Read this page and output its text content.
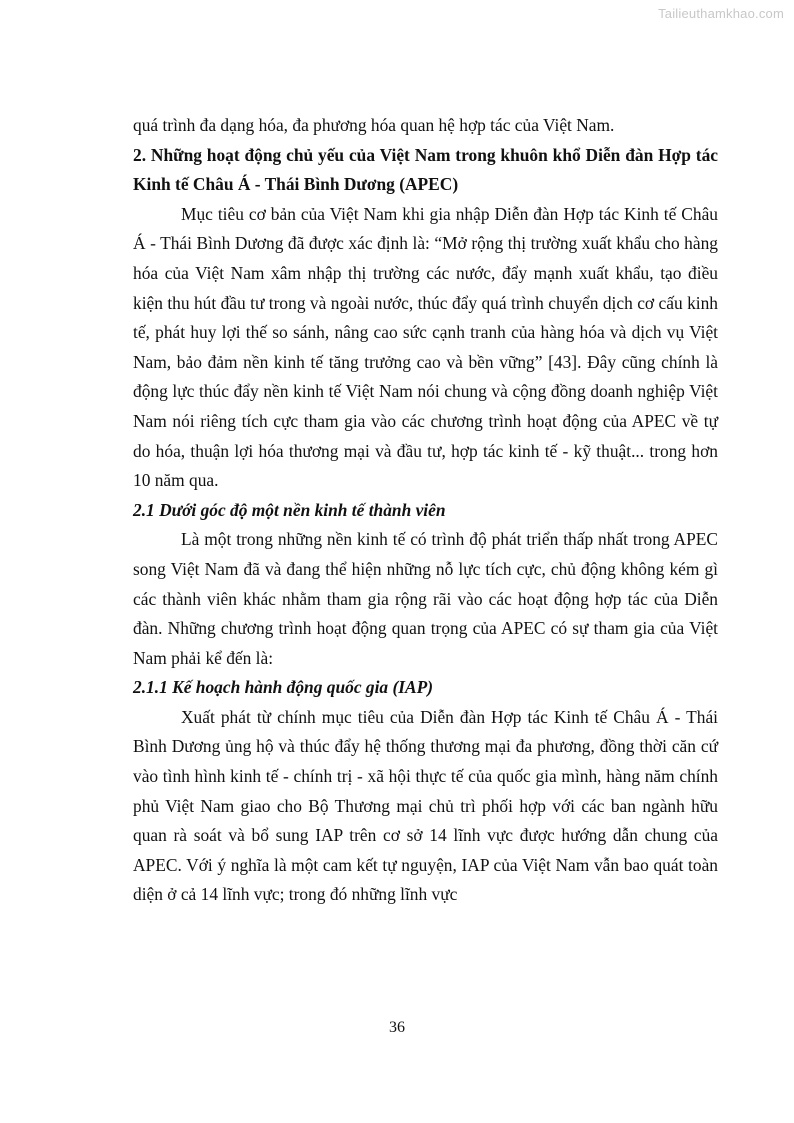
Tailieuthamkhao.com

quá trình đa dạng hóa, đa phương hóa quan hệ hợp tác của Việt Nam.

2. Những hoạt động chủ yếu của Việt Nam trong khuôn khổ Diễn đàn Hợp tác Kinh tế Châu Á - Thái Bình Dương (APEC)

Mục tiêu cơ bản của Việt Nam khi gia nhập Diễn đàn Hợp tác Kinh tế Châu Á - Thái Bình Dương đã được xác định là: “Mở rộng thị trường xuất khẩu cho hàng hóa của Việt Nam xâm nhập thị trường các nước, đẩy mạnh xuất khẩu, tạo điều kiện thu hút đầu tư trong và ngoài nước, thúc đẩy quá trình chuyển dịch cơ cấu kinh tế, phát huy lợi thế so sánh, nâng cao sức cạnh tranh của hàng hóa và dịch vụ Việt Nam, bảo đảm nền kinh tế tăng trưởng cao và bền vững” [43]. Đây cũng chính là động lực thúc đẩy nền kinh tế Việt Nam nói chung và cộng đồng doanh nghiệp Việt Nam nói riêng tích cực tham gia vào các chương trình hoạt động của APEC về tự do hóa, thuận lợi hóa thương mại và đầu tư, hợp tác kinh tế - kỹ thuật... trong hơn 10 năm qua.

2.1 Dưới góc độ một nền kinh tế thành viên

Là một trong những nền kinh tế có trình độ phát triển thấp nhất trong APEC song Việt Nam đã và đang thể hiện những nỗ lực tích cực, chủ động không kém gì các thành viên khác nhằm tham gia rộng rãi vào các hoạt động hợp tác của Diễn đàn. Những chương trình hoạt động quan trọng của APEC có sự tham gia của Việt Nam phải kể đến là:

2.1.1 Kế hoạch hành động quốc gia (IAP)

Xuất phát từ chính mục tiêu của Diễn đàn Hợp tác Kinh tế Châu Á - Thái Bình Dương ủng hộ và thúc đẩy hệ thống thương mại đa phương, đồng thời căn cứ vào tình hình kinh tế - chính trị - xã hội thực tế của quốc gia mình, hàng năm chính phủ Việt Nam giao cho Bộ Thương mại chủ trì phối hợp với các ban ngành hữu quan rà soát và bổ sung IAP trên cơ sở 14 lĩnh vực được hướng dẫn chung của APEC. Với ý nghĩa là một cam kết tự nguyện, IAP của Việt Nam vẫn bao quát toàn diện ở cả 14 lĩnh vực; trong đó những lĩnh vực

36
